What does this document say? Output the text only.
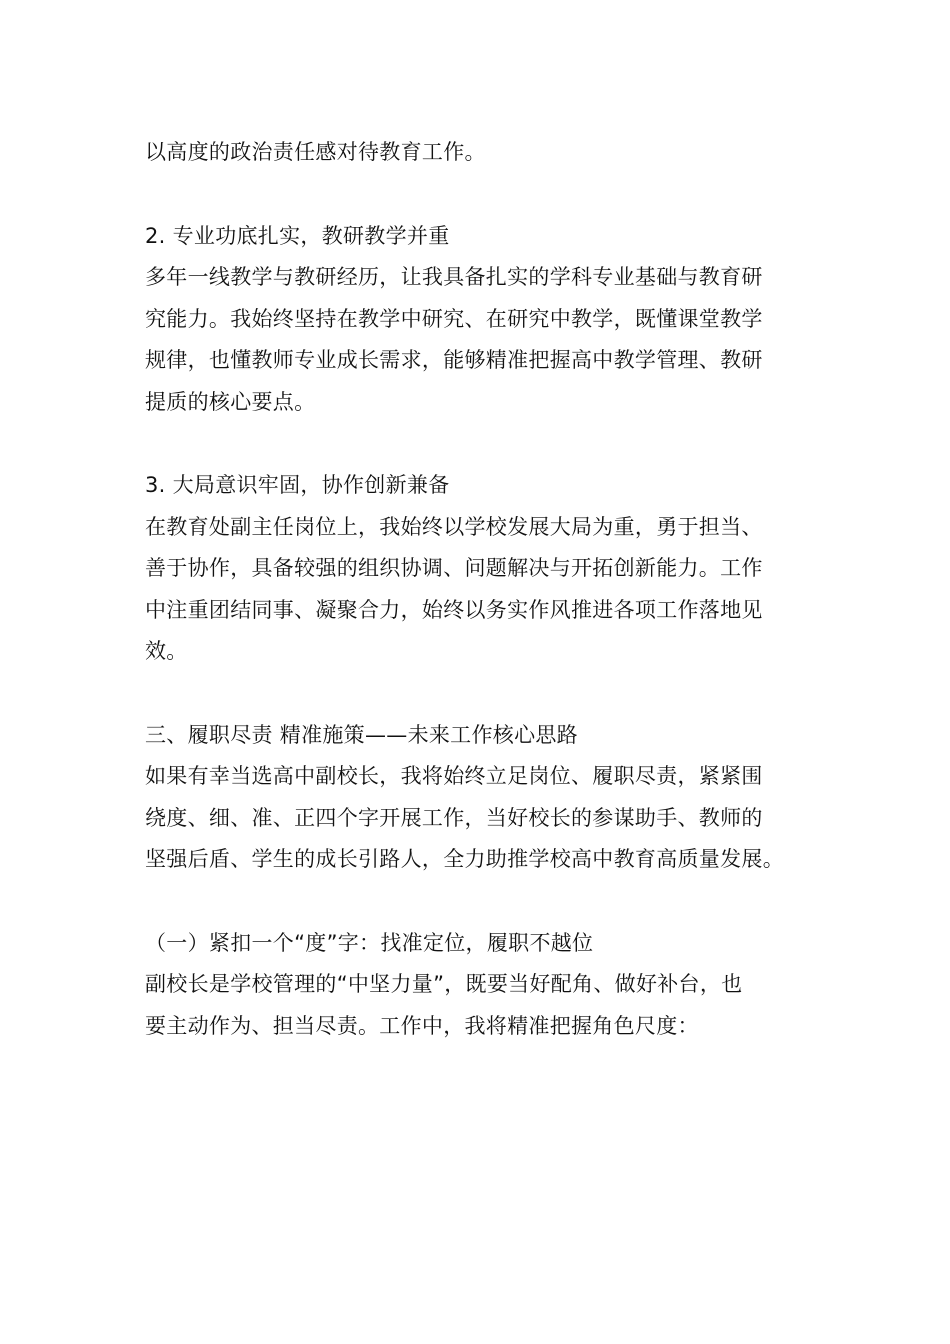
以高度的政治责任感对待教育工作。

2. 专业功底扎实，教研教学并重

多年一线教学与教研经历，让我具备扎实的学科专业基础与教育研
究能力。我始终坚持在教学中研究、在研究中教学，既懂课堂教学
规律，也懂教师专业成长需求，能够精准把握高中教学管理、教研
提质的核心要点。

3. 大局意识牢固，协作创新兼备

在教育处副主任岗位上，我始终以学校发展大局为重，勇于担当、
善于协作，具备较强的组织协调、问题解决与开拓创新能力。工作
中注重团结同事、凝聚合力，始终以务实作风推进各项工作落地见
效。

三、履职尽责 精准施策——未来工作核心思路

如果有幸当选高中副校长，我将始终立足岗位、履职尽责，紧紧围
绕度、细、准、正四个字开展工作，当好校长的参谋助手、教师的
坚强后盾、学生的成长引路人，全力助推学校高中教育高质量发展。

（一）紧扣一个“度”字：找准定位，履职不越位

副校长是学校管理的“中坚力量”，既要当好配角、做好补台，也
要主动作为、担当尽责。工作中，我将精准把握角色尺度：
